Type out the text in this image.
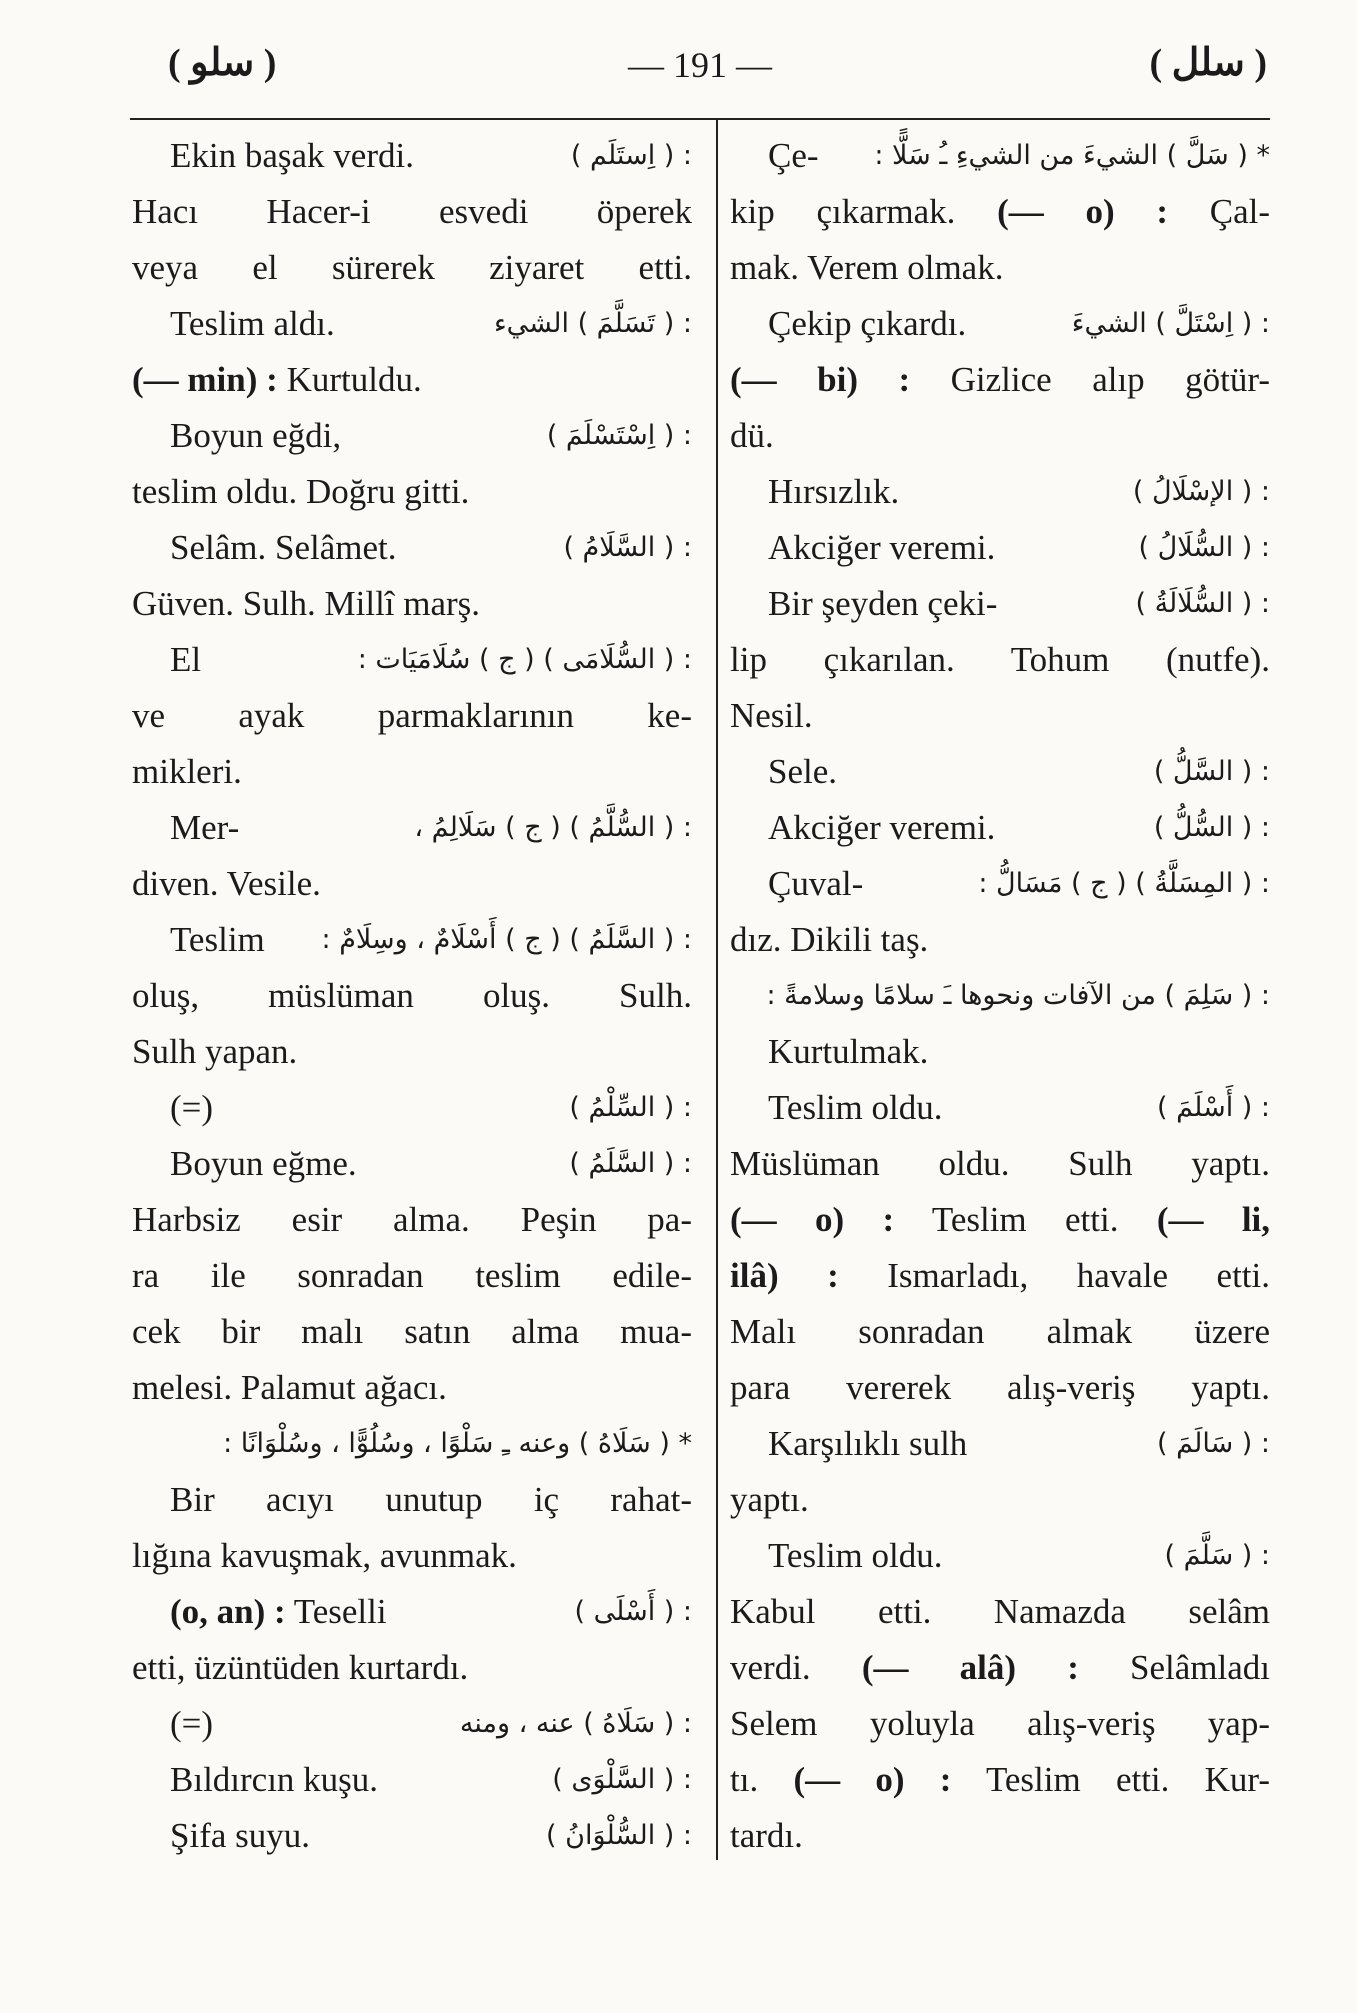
( سلو )	— 191 —	( سلل )
Ekin başak verdi.	: ( اِستَلَم )
Hacı Hacer-i esvedi öperek
veya el sürerek ziyaret etti.
Teslim aldı.	: ( تَسَلَّمَ ) الشيء
(— min) : Kurtuldu.
Boyun eğdi,	: ( اِسْتَسْلَمَ )
teslim oldu. Doğru gitti.
Selâm. Selâmet.	: ( السَّلَامُ )
Güven. Sulh. Millî marş.
El	: ( السُّلَامَى ) ( ج ) سُلَامَيَات :
ve ayak parmaklarının ke-
mikleri.
Mer-	: ( السُّلَّمُ ) ( ج ) سَلَالِمُ ،
diven. Vesile.
Teslim : ( السَّلَمُ ) ( ج ) أَسْلَامٌ ، وسِلَامٌ :
oluş, müslüman oluş. Sulh.
Sulh yapan.
(=)	: ( السِّلْمُ )
Boyun eğme.	: ( السَّلَمُ )
Harbsiz esir alma. Peşin pa-
ra ile sonradan teslim edile-
cek bir malı satın alma mua-
melesi. Palamut ağacı.
* ( سَلَاهُ ) وعنه ـِ سَلْوًا ، وسُلُوًّا ، وسُلْوَانًا :
Bir acıyı unutup iç rahat-
lığına kavuşmak, avunmak.
(o, an) : Teselli	: ( أَسْلَى )
etti, üzüntüden kurtardı.
(=)	: ( سَلَاهُ ) عنه ، ومنه
Bıldırcın kuşu.	: ( السَّلْوَى )
Şifa suyu.	: ( السُّلْوَانُ )
Çe- * ( سَلَّ ) الشيءَ من الشيءِ ـُ سَلًّا :
kip çıkarmak. (— o) : Çal-
mak. Verem olmak.
Çekip çıkardı.	: ( اِسْتَلَّ ) الشيءَ
(— bi) : Gizlice alıp götür-
dü.
Hırsızlık.	: ( الإسْلَالُ )
Akciğer veremi.	: ( السُّلَالُ )
Bir şeyden çeki-	: ( السُّلَالَةُ )
lip çıkarılan. Tohum (nutfe).
Nesil.
Sele.	: ( السَّلُّ )
Akciğer veremi.	: ( السُّلُّ )
Çuval-	: ( المِسَلَّةُ ) ( ج ) مَسَالُّ :
dız. Dikili taş.
: ( سَلِمَ ) من الآفات ونحوها ـَ سلامًا وسلامةً :
Kurtulmak.
Teslim oldu.	: ( أَسْلَمَ )
Müslüman oldu. Sulh yaptı.
(— o) : Teslim etti. (— li,
ilâ) : Ismarladı, havale etti.
Malı sonradan almak üzere
para vererek alış-veriş yaptı.
Karşılıklı sulh	: ( سَالَمَ )
yaptı.
Teslim oldu.	: ( سَلَّمَ )
Kabul etti. Namazda selâm
verdi. (— alâ) : Selâmladı
Selem yoluyla alış-veriş yap-
tı. (— o) : Teslim etti. Kur-
tardı.
